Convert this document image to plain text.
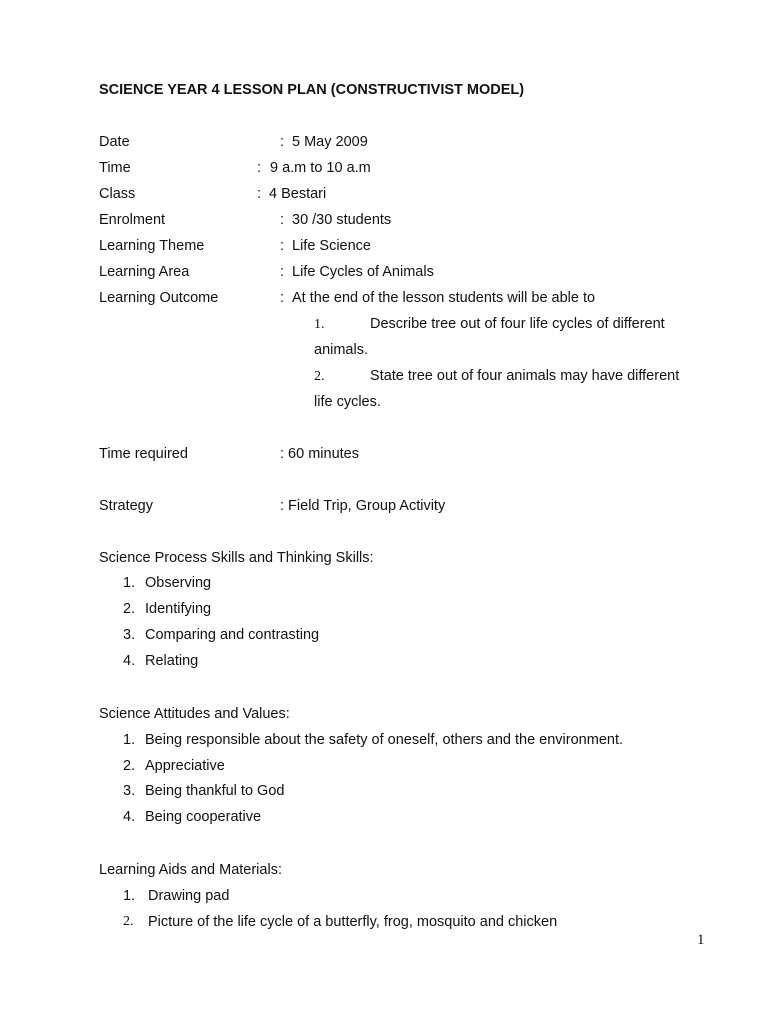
SCIENCE YEAR 4 LESSON PLAN (CONSTRUCTIVIST MODEL)
Date	: 5 May 2009
Time	: 9 a.m to 10 a.m
Class	: 4 Bestari
Enrolment	: 30 /30 students
Learning Theme	: Life Science
Learning Area	: Life Cycles of Animals
Learning Outcome	: At the end of the lesson students will be able to
1.	Describe tree out of four life cycles of different
animals.
2.	State tree out of four animals may have different
life cycles.
Time required	: 60 minutes
Strategy	: Field Trip, Group Activity
Science Process Skills and Thinking Skills:
1. Observing
2. Identifying
3. Comparing and contrasting
4. Relating
Science Attitudes and Values:
1. Being responsible about the safety of oneself, others and the environment.
2. Appreciative
3. Being thankful to God
4. Being cooperative
Learning Aids and Materials:
1. Drawing pad
2. Picture of the life cycle of a butterfly, frog, mosquito and chicken
1
